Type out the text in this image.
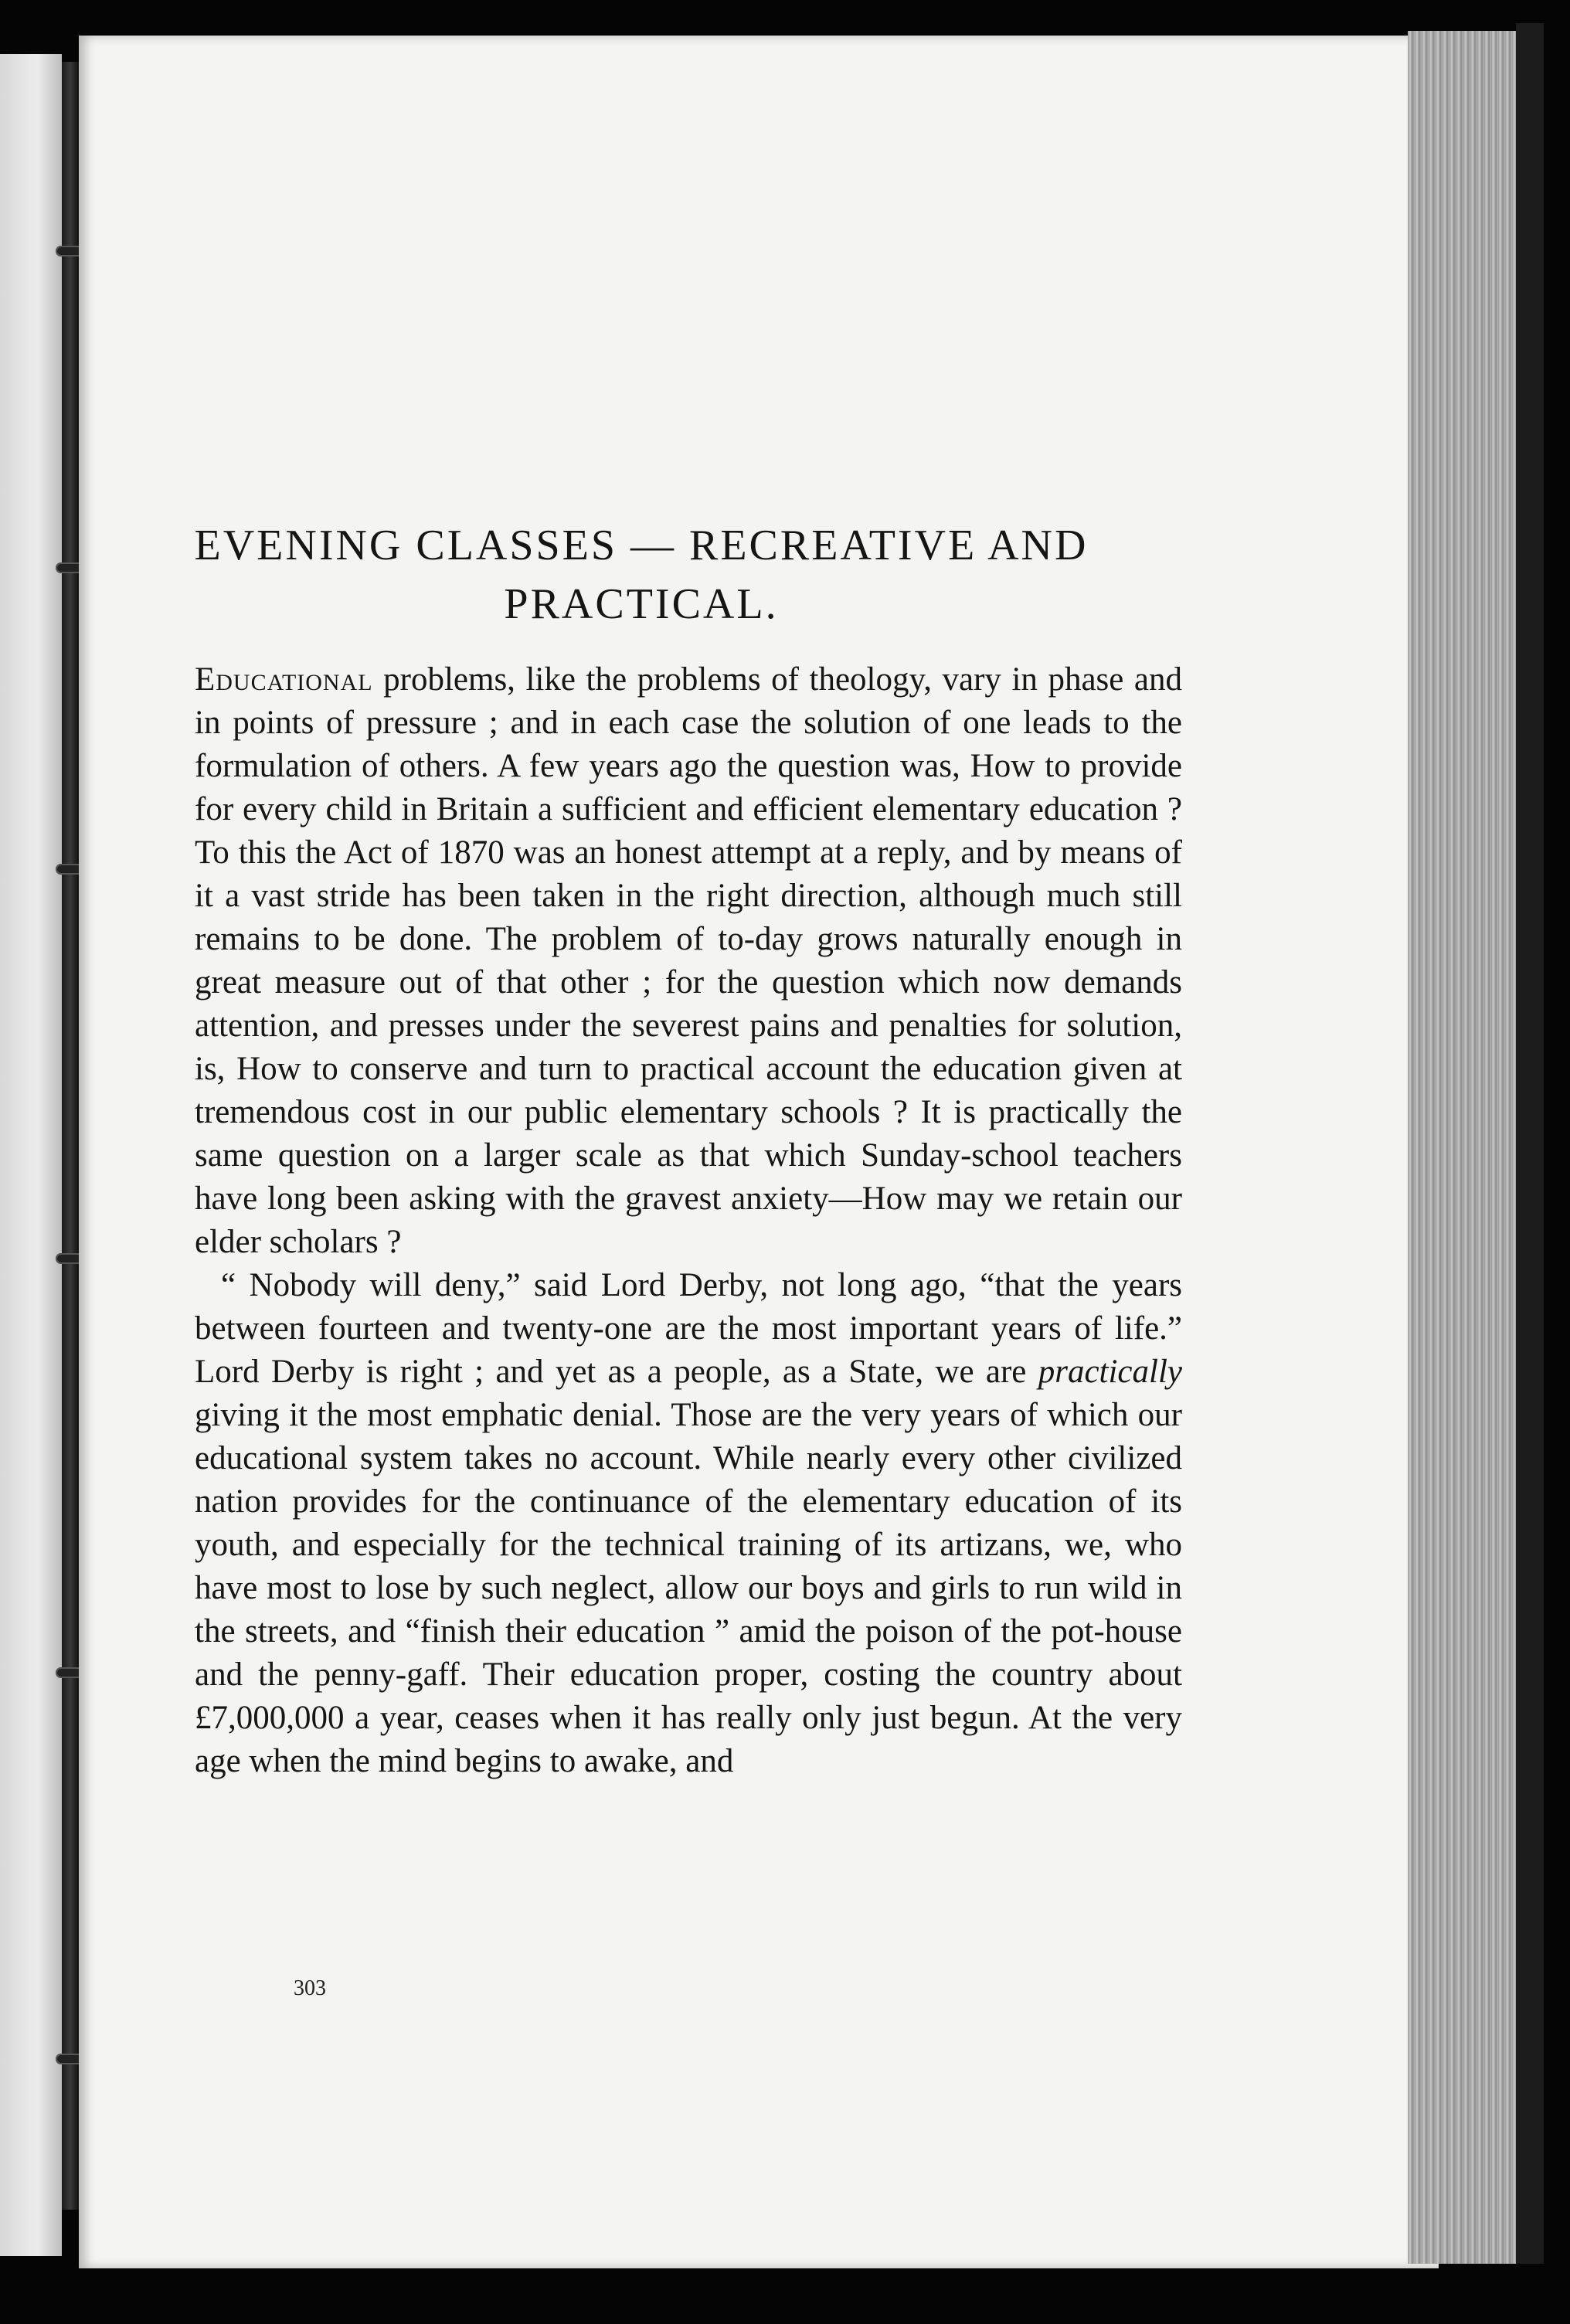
EVENING CLASSES — RECREATIVE AND
PRACTICAL.

Educational problems, like the problems of theology, vary in phase and in points of pressure ; and in each case the solution of one leads to the formulation of others. A few years ago the question was, How to provide for every child in Britain a sufficient and efficient elementary education ? To this the Act of 1870 was an honest attempt at a reply, and by means of it a vast stride has been taken in the right direction, although much still remains to be done. The problem of to-day grows naturally enough in great measure out of that other ; for the question which now demands attention, and presses under the severest pains and penalties for solution, is, How to conserve and turn to practical account the education given at tremendous cost in our public elementary schools ? It is practically the same question on a larger scale as that which Sunday-school teachers have long been asking with the gravest anxiety—How may we retain our elder scholars ?

“ Nobody will deny,” said Lord Derby, not long ago, “that the years between fourteen and twenty-one are the most important years of life.” Lord Derby is right ; and yet as a people, as a State, we are practically giving it the most emphatic denial. Those are the very years of which our educational system takes no account. While nearly every other civilized nation provides for the continuance of the elementary education of its youth, and especially for the technical training of its artizans, we, who have most to lose by such neglect, allow our boys and girls to run wild in the streets, and “finish their education ” amid the poison of the pot-house and the penny-gaff. Their education proper, costing the country about £7,000,000 a year, ceases when it has really only just begun. At the very age when the mind begins to awake, and

303
